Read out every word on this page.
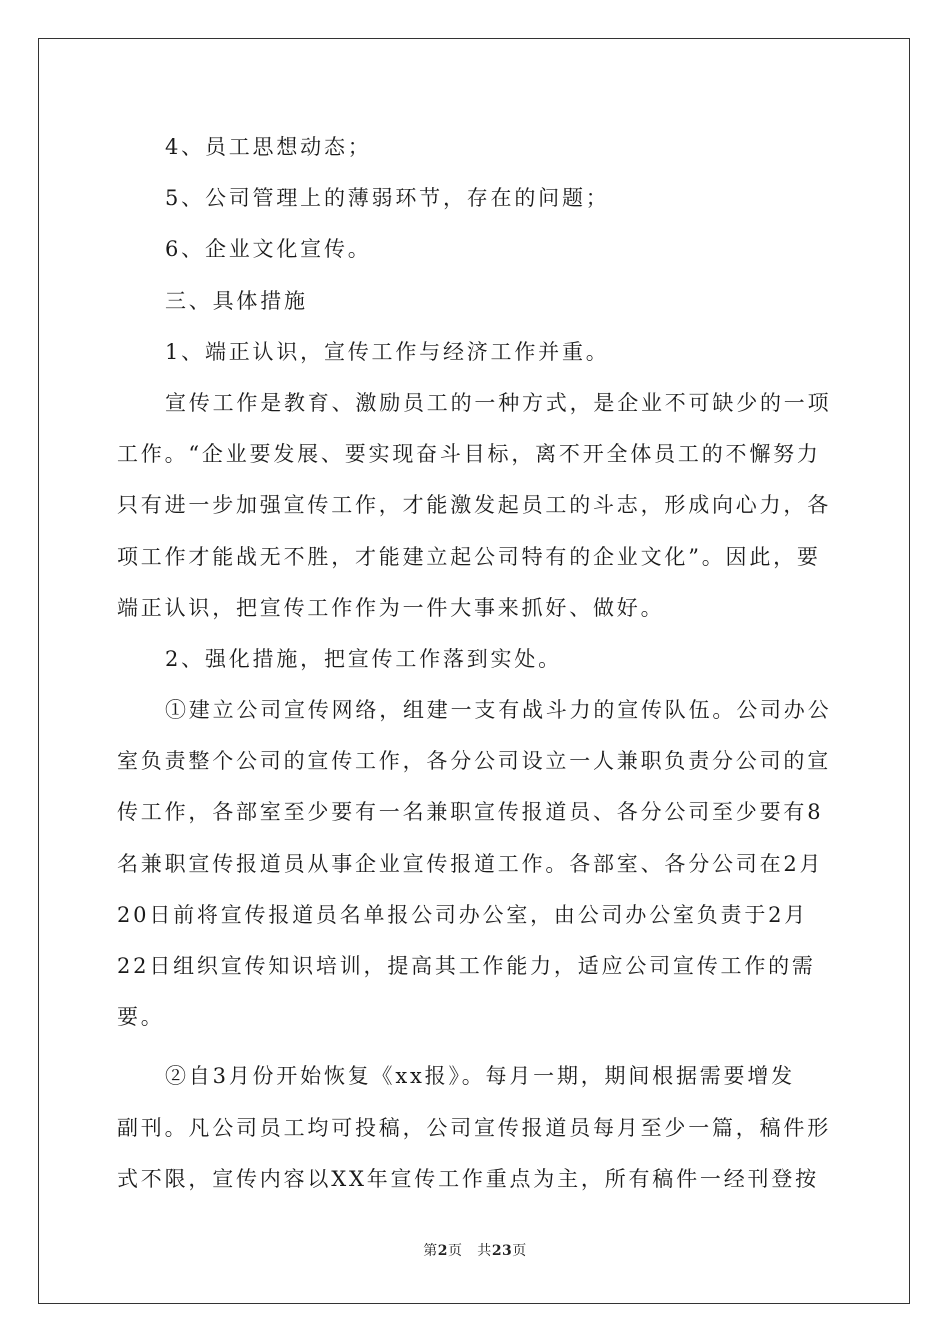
4、员工思想动态；
5、公司管理上的薄弱环节，存在的问题；
6、企业文化宣传。
三、具体措施
1、端正认识，宣传工作与经济工作并重。
宣传工作是教育、激励员工的一种方式，是企业不可缺少的一项
工作。“企业要发展、要实现奋斗目标，离不开全体员工的不懈努力
只有进一步加强宣传工作，才能激发起员工的斗志，形成向心力，各
项工作才能战无不胜，才能建立起公司特有的企业文化”。因此，要
端正认识，把宣传工作作为一件大事来抓好、做好。
2、强化措施，把宣传工作落到实处。
①建立公司宣传网络，组建一支有战斗力的宣传队伍。公司办公
室负责整个公司的宣传工作，各分公司设立一人兼职负责分公司的宣
传工作，各部室至少要有一名兼职宣传报道员、各分公司至少要有8
名兼职宣传报道员从事企业宣传报道工作。各部室、各分公司在2月
20日前将宣传报道员名单报公司办公室，由公司办公室负责于2月
22日组织宣传知识培训，提高其工作能力，适应公司宣传工作的需
要。
②自3月份开始恢复《xx报》。每月一期，期间根据需要增发
副刊。凡公司员工均可投稿，公司宣传报道员每月至少一篇，稿件形
式不限，宣传内容以XX年宣传工作重点为主，所有稿件一经刊登按
第2页   共23页
